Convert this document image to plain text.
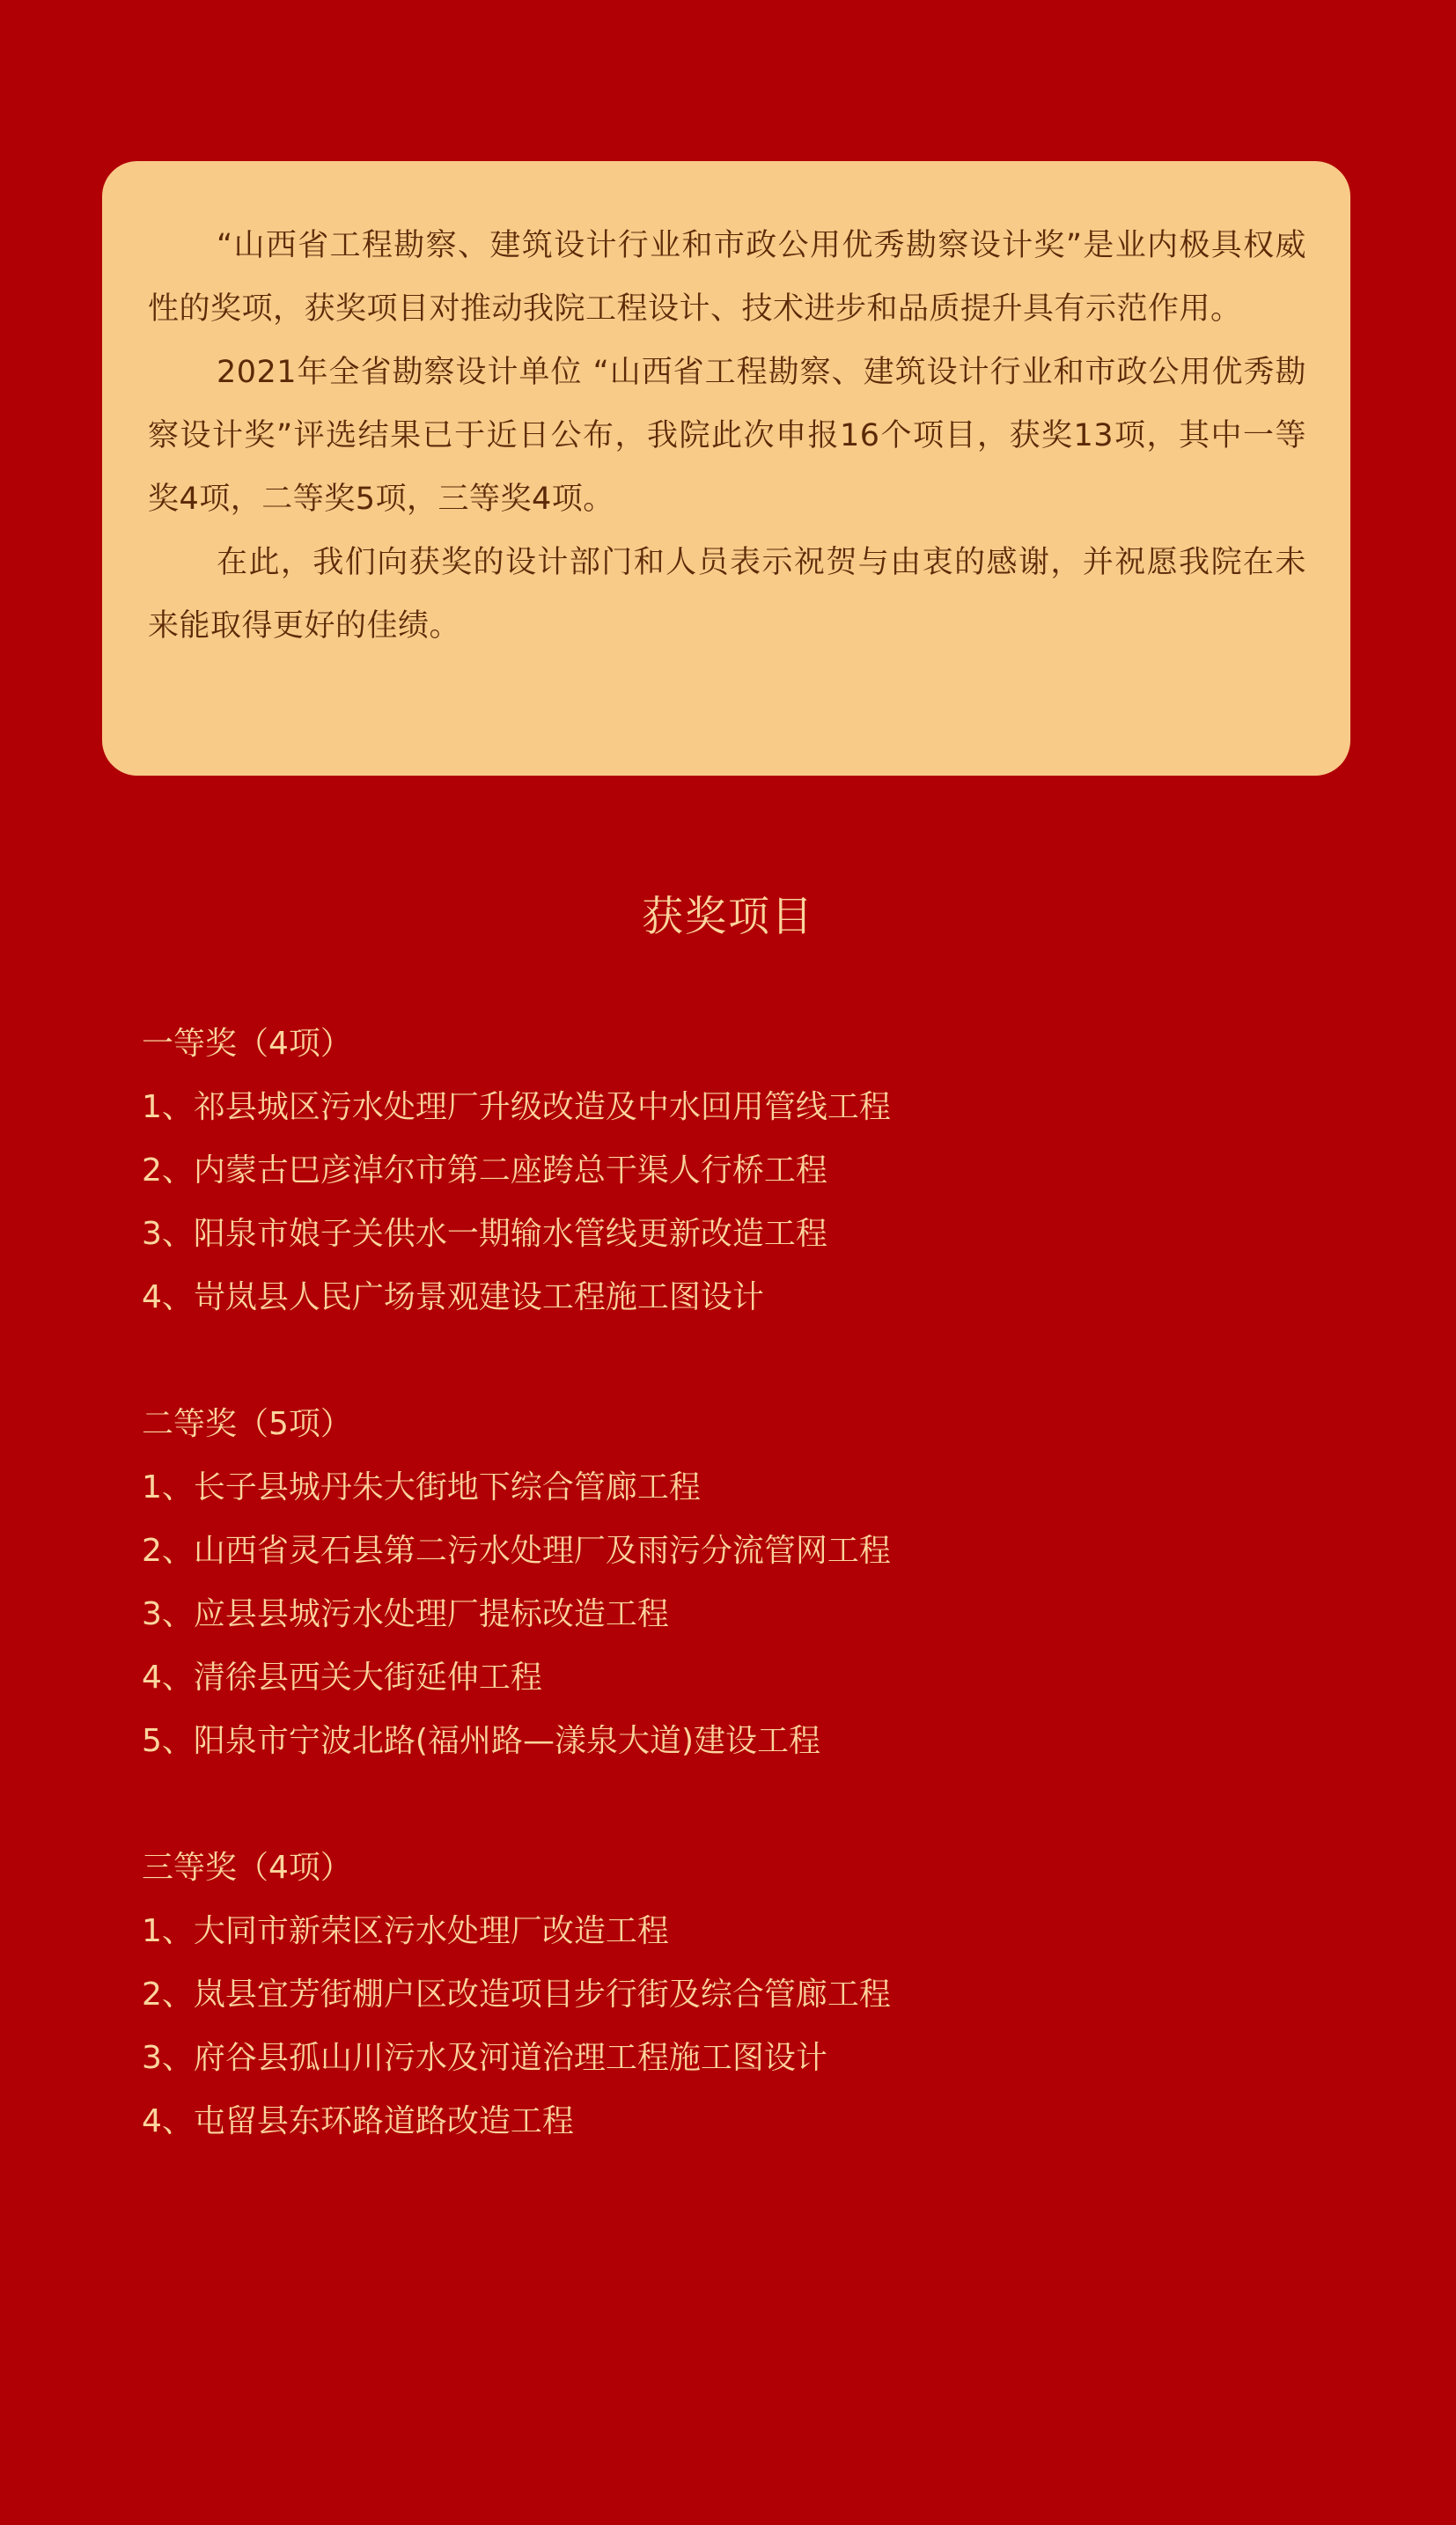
“山西省工程勘察、建筑设计行业和市政公用优秀勘察设计奖”是业内极具权威性的奖项，获奖项目对推动我院工程设计、技术进步和品质提升具有示范作用。

2021年全省勘察设计单位 “山西省工程勘察、建筑设计行业和市政公用优秀勘察设计奖”评选结果已于近日公布，我院此次申报16个项目，获奖13项，其中一等奖4项，二等奖5项，三等奖4项。

在此，我们向获奖的设计部门和人员表示祝贺与由衷的感谢，并祝愿我院在未来能取得更好的佳绩。

获奖项目
一等奖（4项）

1、祁县城区污水处理厂升级改造及中水回用管线工程

2、内蒙古巴彦淖尔市第二座跨总干渠人行桥工程

3、阳泉市娘子关供水一期输水管线更新改造工程

4、岢岚县人民广场景观建设工程施工图设计

二等奖（5项）

1、长子县城丹朱大街地下综合管廊工程

2、山西省灵石县第二污水处理厂及雨污分流管网工程

3、应县县城污水处理厂提标改造工程

4、清徐县西关大街延伸工程

5、阳泉市宁波北路(福州路—漾泉大道)建设工程

三等奖（4项）

1、大同市新荣区污水处理厂改造工程

2、岚县宜芳街棚户区改造项目步行街及综合管廊工程

3、府谷县孤山川污水及河道治理工程施工图设计

4、屯留县东环路道路改造工程
